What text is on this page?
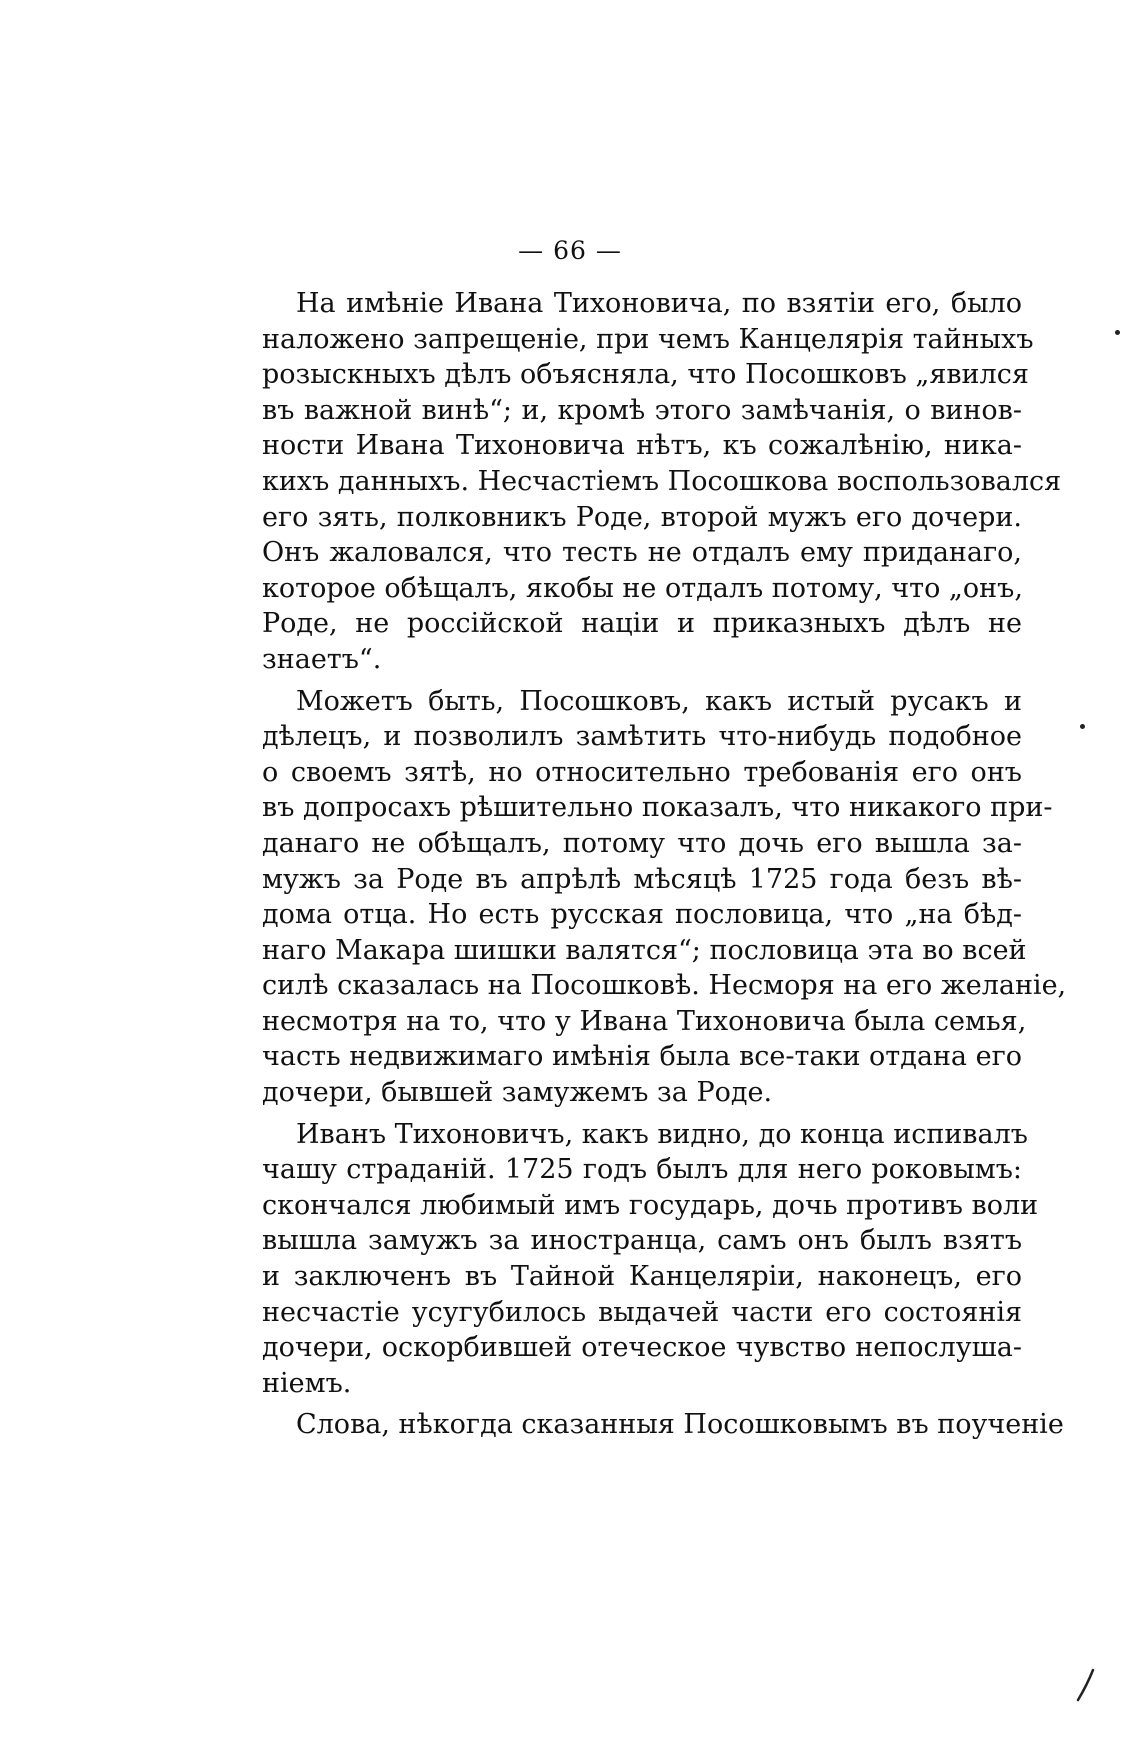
— 66 —

На имѣніе Ивана Тихоновича, по взятіи его, было
наложено запрещеніе, при чемъ Канцелярія тайныхъ
розыскныхъ дѣлъ объясняла, что Посошковъ „явился
въ важной винѣ“; и, кромѣ этого замѣчанія, о винов-
ности Ивана Тихоновича нѣтъ, къ сожалѣнію, ника-
кихъ данныхъ. Несчастіемъ Посошкова воспользовался
его зять, полковникъ Роде, второй мужъ его дочери.
Онъ жаловался, что тесть не отдалъ ему приданаго,
которое обѣщалъ, якобы не отдалъ потому, что „онъ,
Роде, не россійской націи и приказныхъ дѣлъ не
знаетъ“.

Можетъ быть, Посошковъ, какъ истый русакъ и
дѣлецъ, и позволилъ замѣтить что-нибудь подобное
о своемъ зятѣ, но относительно требованія его онъ
въ допросахъ рѣшительно показалъ, что никакого при-
данаго не обѣщалъ, потому что дочь его вышла за-
мужъ за Роде въ апрѣлѣ мѣсяцѣ 1725 года безъ вѣ-
дома отца. Но есть русская пословица, что „на бѣд-
наго Макара шишки валятся“; пословица эта во всей
силѣ сказалась на Посошковѣ. Несморя на его желаніе,
несмотря на то, что у Ивана Тихоновича была семья,
часть недвижимаго имѣнія была все-таки отдана его
дочери, бывшей замужемъ за Роде.

Иванъ Тихоновичъ, какъ видно, до конца испивалъ
чашу страданій. 1725 годъ былъ для него роковымъ:
скончался любимый имъ государь, дочь противъ воли
вышла замужъ за иностранца, самъ онъ былъ взятъ
и заключенъ въ Тайной Канцеляріи, наконецъ, его
несчастіе усугубилось выдачей части его состоянія
дочери, оскорбившей отеческое чувство непослуша-
ніемъ.

Слова, нѣкогда сказанныя Посошковымъ въ поученіе
